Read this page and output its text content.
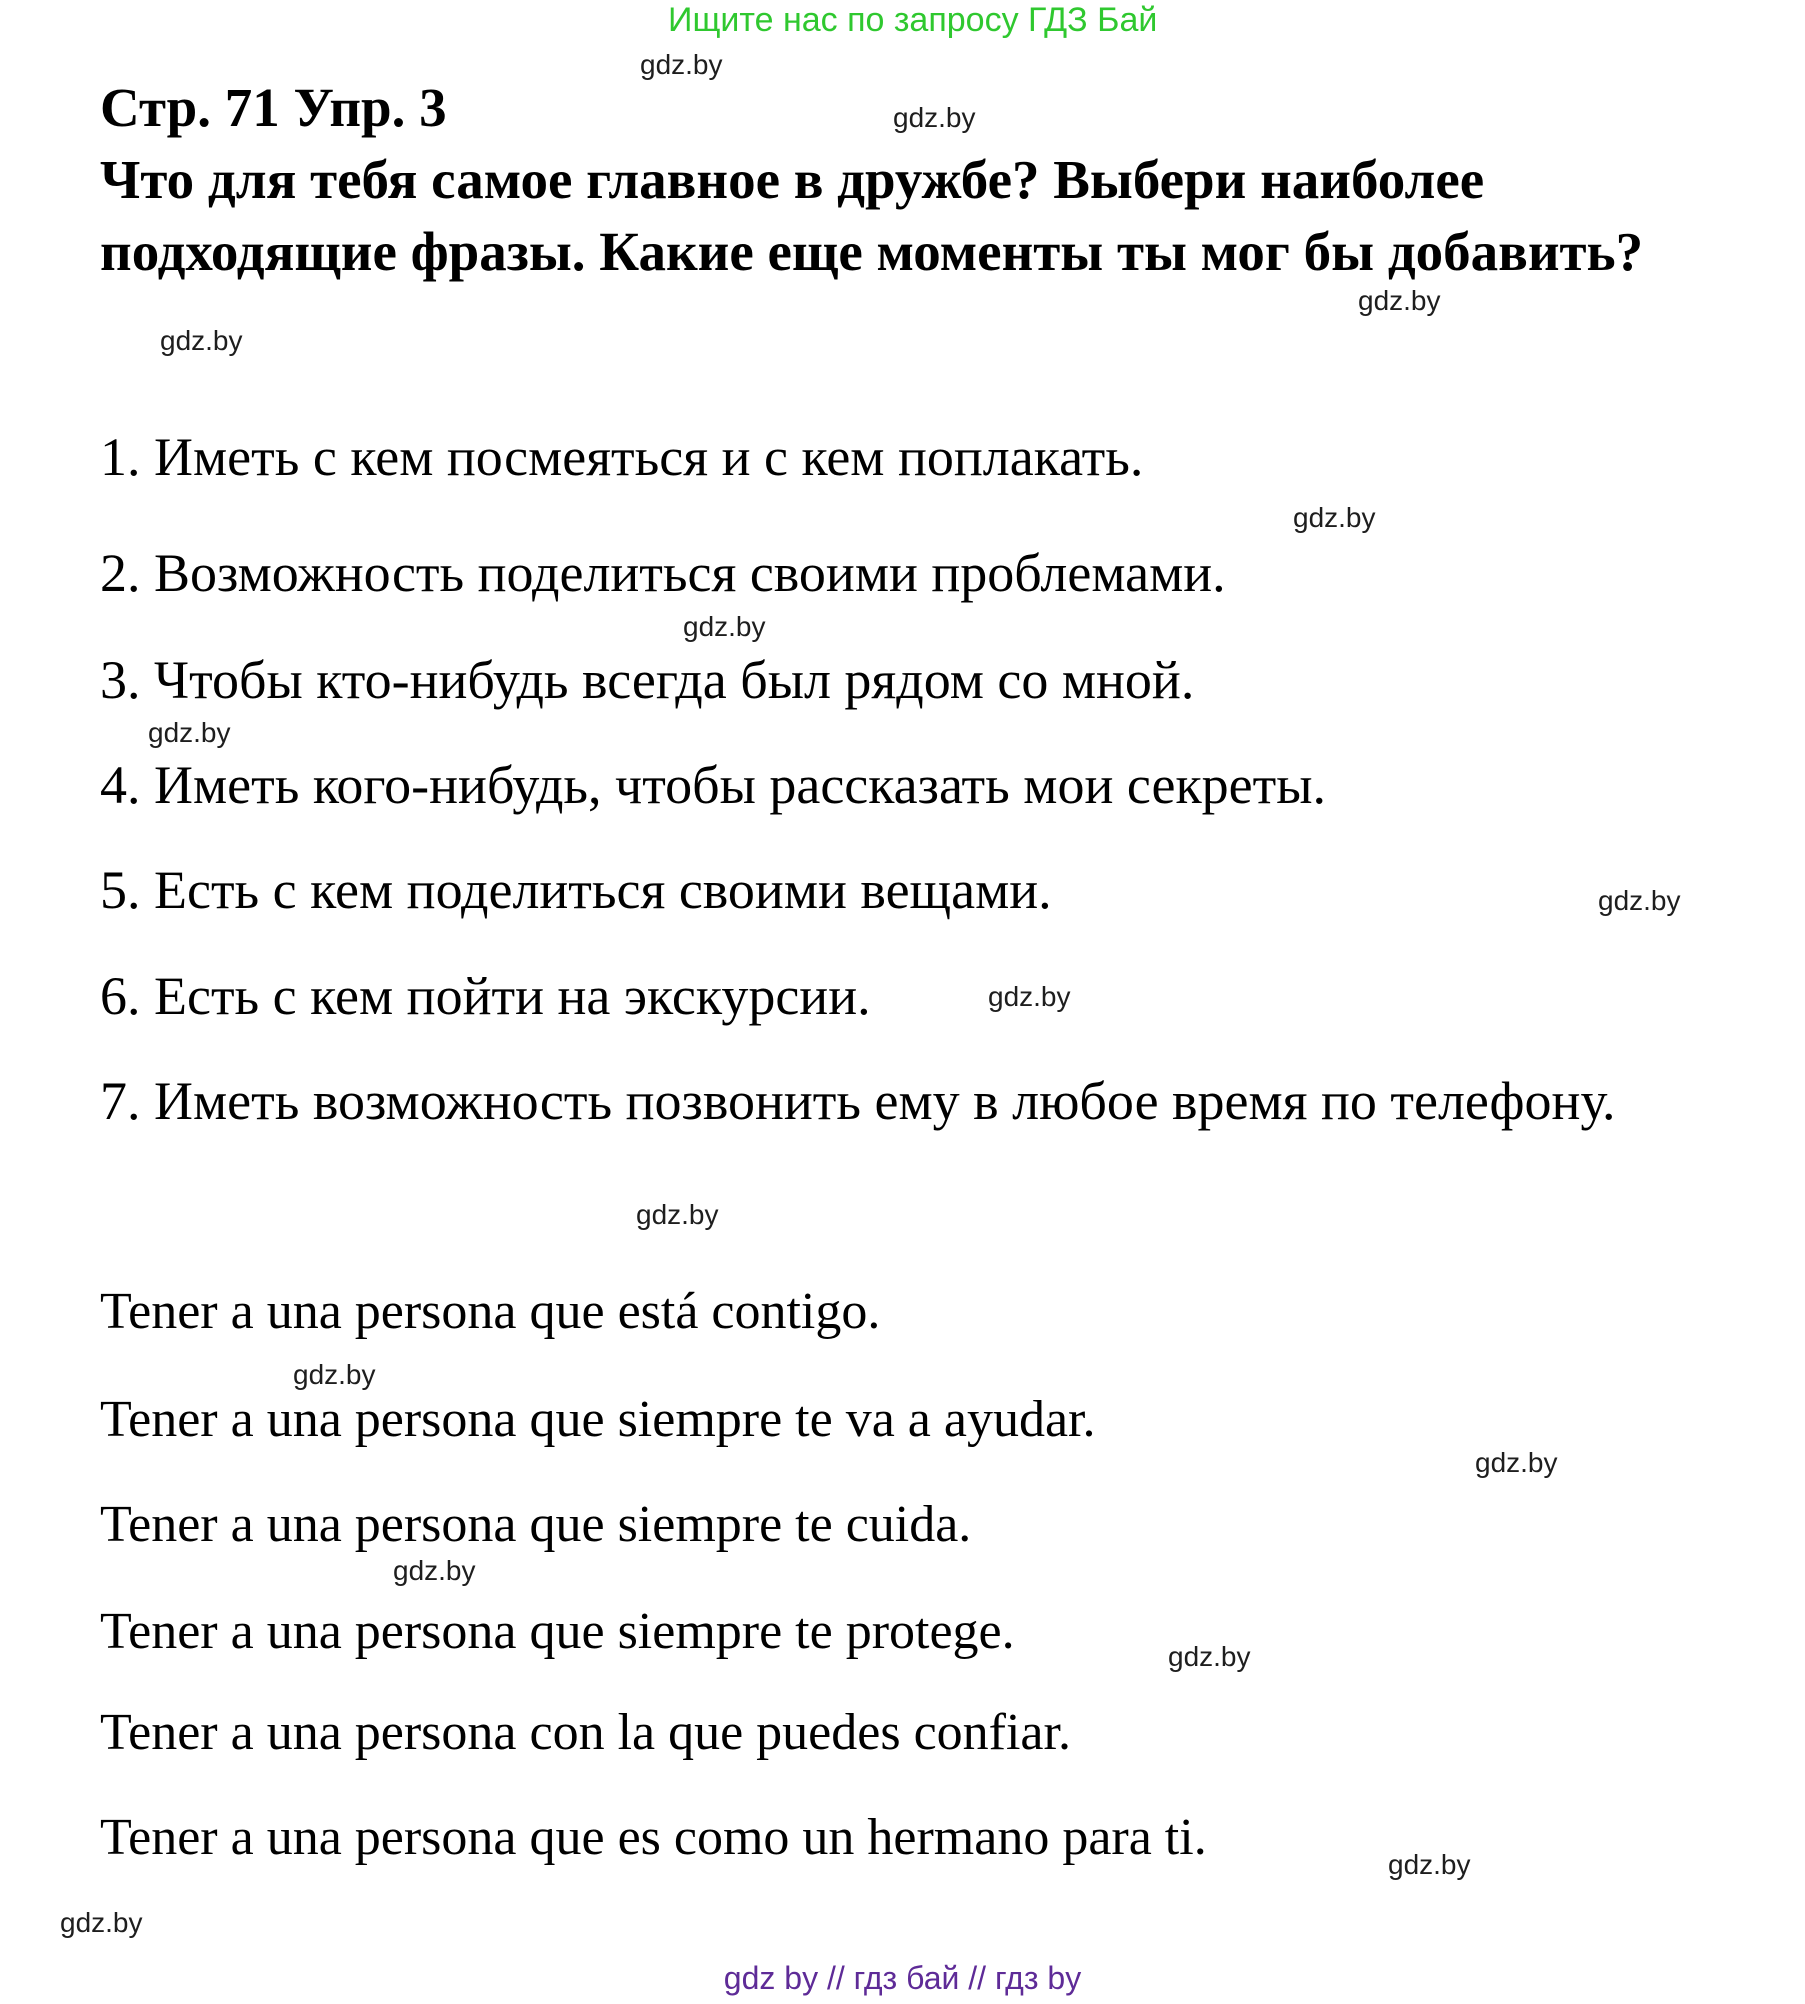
Ищите нас по запросу ГДЗ Бай
gdz.by
gdz.by
Стр. 71 Упр. 3
Что для тебя самое главное в дружбе? Выбери наиболее
подходящие фразы. Какие еще моменты ты мог бы добавить?
gdz.by
gdz.by
1. Иметь с кем посмеяться и с кем поплакать.
gdz.by
2. Возможность поделиться своими проблемами.
gdz.by
3. Чтобы кто-нибудь всегда был рядом со мной.
gdz.by
4. Иметь кого-нибудь, чтобы рассказать мои секреты.
5. Есть с кем поделиться своими вещами.	gdz.by
6. Есть с кем пойти на экскурсии.	gdz.by
7. Иметь возможность позвонить ему в любое время по телефону.
gdz.by
Tener a una persona que está contigo.
gdz.by
Tener a una persona que siempre te va a ayudar.
gdz.by
Tener a una persona que siempre te cuida.
gdz.by
Tener a una persona que siempre te protege.	gdz.by
Tener a una persona con la que puedes confiar.
Tener a una persona que es como un hermano para ti.	gdz.by
gdz.by
gdz by // гдз бай // гдз by
